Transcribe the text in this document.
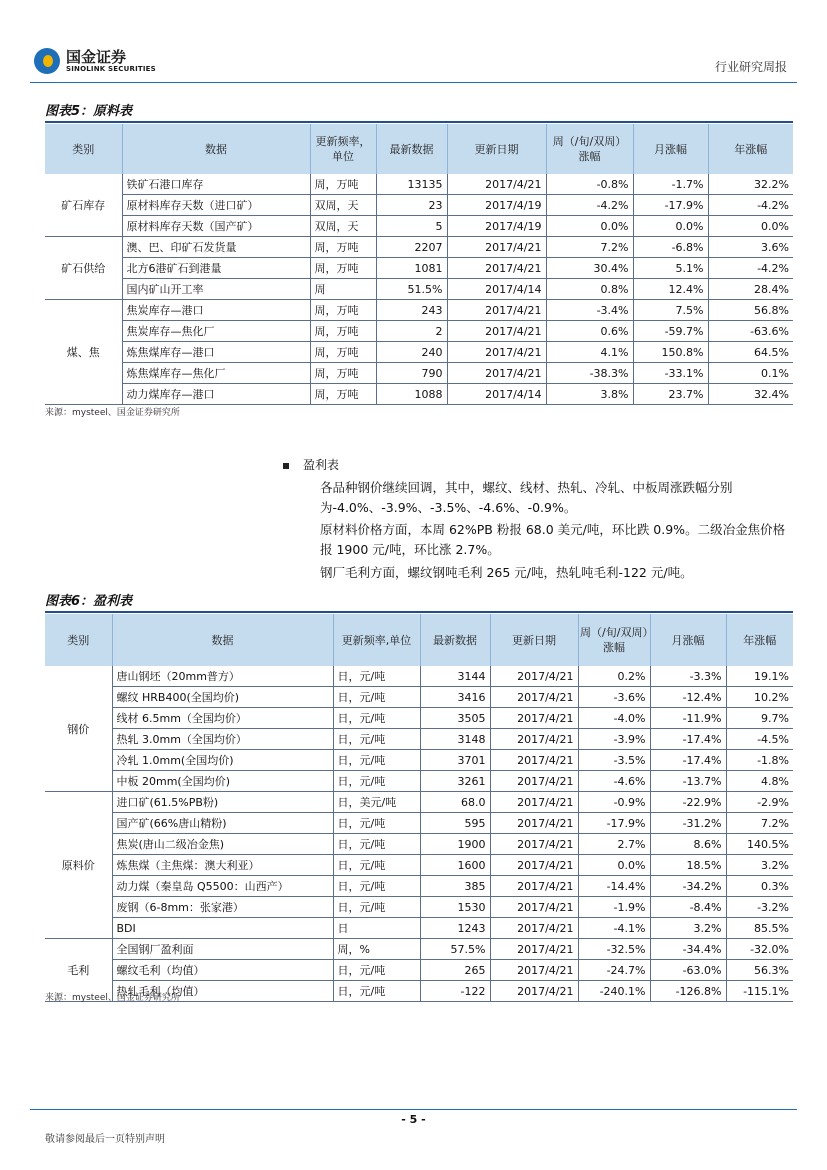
国金证券
SINOLINK SECURITIES	行业研究周报
图表5：原料表
类别	数据	更新频率，单位	最新数据	更新日期	周（/旬/双周）涨幅	月涨幅	年涨幅
矿石库存	铁矿石港口库存	周，万吨	13135	2017/4/21	-0.8%	-1.7%	32.2%
	原材料库存天数（进口矿）	双周，天	23	2017/4/19	-4.2%	-17.9%	-4.2%
	原材料库存天数（国产矿）	双周，天	5	2017/4/19	0.0%	0.0%	0.0%
矿石供给	澳、巴、印矿石发货量	周，万吨	2207	2017/4/21	7.2%	-6.8%	3.6%
	北方6港矿石到港量	周，万吨	1081	2017/4/21	30.4%	5.1%	-4.2%
	国内矿山开工率	周	51.5%	2017/4/14	0.8%	12.4%	28.4%
煤、焦	焦炭库存—港口	周，万吨	243	2017/4/21	-3.4%	7.5%	56.8%
	焦炭库存—焦化厂	周，万吨	2	2017/4/21	0.6%	-59.7%	-63.6%
	炼焦煤库存—港口	周，万吨	240	2017/4/21	4.1%	150.8%	64.5%
	炼焦煤库存—焦化厂	周，万吨	790	2017/4/21	-38.3%	-33.1%	0.1%
	动力煤库存—港口	周，万吨	1088	2017/4/14	3.8%	23.7%	32.4%
来源：mysteel、国金证券研究所
盈利表
各品种钢价继续回调，其中，螺纹、线材、热轧、冷轧、中板周涨跌幅分别为-4.0%、-3.9%、-3.5%、-4.6%、-0.9%。
原材料价格方面，本周 62%PB 粉报 68.0 美元/吨，环比跌 0.9%。二级冶金焦价格报 1900 元/吨，环比涨 2.7%。
钢厂毛利方面，螺纹钢吨毛利 265 元/吨，热轧吨毛利-122 元/吨。
图表6：盈利表
类别	数据	更新频率,单位	最新数据	更新日期	周（/旬/双周）涨幅	月涨幅	年涨幅
钢价	唐山钢坯（20mm普方）	日，元/吨	3144	2017/4/21	0.2%	-3.3%	19.1%
	螺纹 HRB400(全国均价)	日，元/吨	3416	2017/4/21	-3.6%	-12.4%	10.2%
	线材 6.5mm（全国均价）	日，元/吨	3505	2017/4/21	-4.0%	-11.9%	9.7%
	热轧 3.0mm（全国均价）	日，元/吨	3148	2017/4/21	-3.9%	-17.4%	-4.5%
	冷轧 1.0mm(全国均价)	日，元/吨	3701	2017/4/21	-3.5%	-17.4%	-1.8%
	中板 20mm(全国均价)	日，元/吨	3261	2017/4/21	-4.6%	-13.7%	4.8%
原料价	进口矿(61.5%PB粉)	日，美元/吨	68.0	2017/4/21	-0.9%	-22.9%	-2.9%
	国产矿(66%唐山精粉)	日，元/吨	595	2017/4/21	-17.9%	-31.2%	7.2%
	焦炭(唐山二级冶金焦)	日，元/吨	1900	2017/4/21	2.7%	8.6%	140.5%
	炼焦煤（主焦煤：澳大利亚）	日，元/吨	1600	2017/4/21	0.0%	18.5%	3.2%
	动力煤（秦皇岛 Q5500：山西产）	日，元/吨	385	2017/4/21	-14.4%	-34.2%	0.3%
	废钢（6-8mm：张家港）	日，元/吨	1530	2017/4/21	-1.9%	-8.4%	-3.2%
	BDI	日	1243	2017/4/21	-4.1%	3.2%	85.5%
毛利	全国钢厂盈利面	周，%	57.5%	2017/4/21	-32.5%	-34.4%	-32.0%
	螺纹毛利（均值）	日，元/吨	265	2017/4/21	-24.7%	-63.0%	56.3%
	热轧毛利（均值）	日，元/吨	-122	2017/4/21	-240.1%	-126.8%	-115.1%
来源：mysteel、国金证券研究所
- 5 -
敬请参阅最后一页特别声明
